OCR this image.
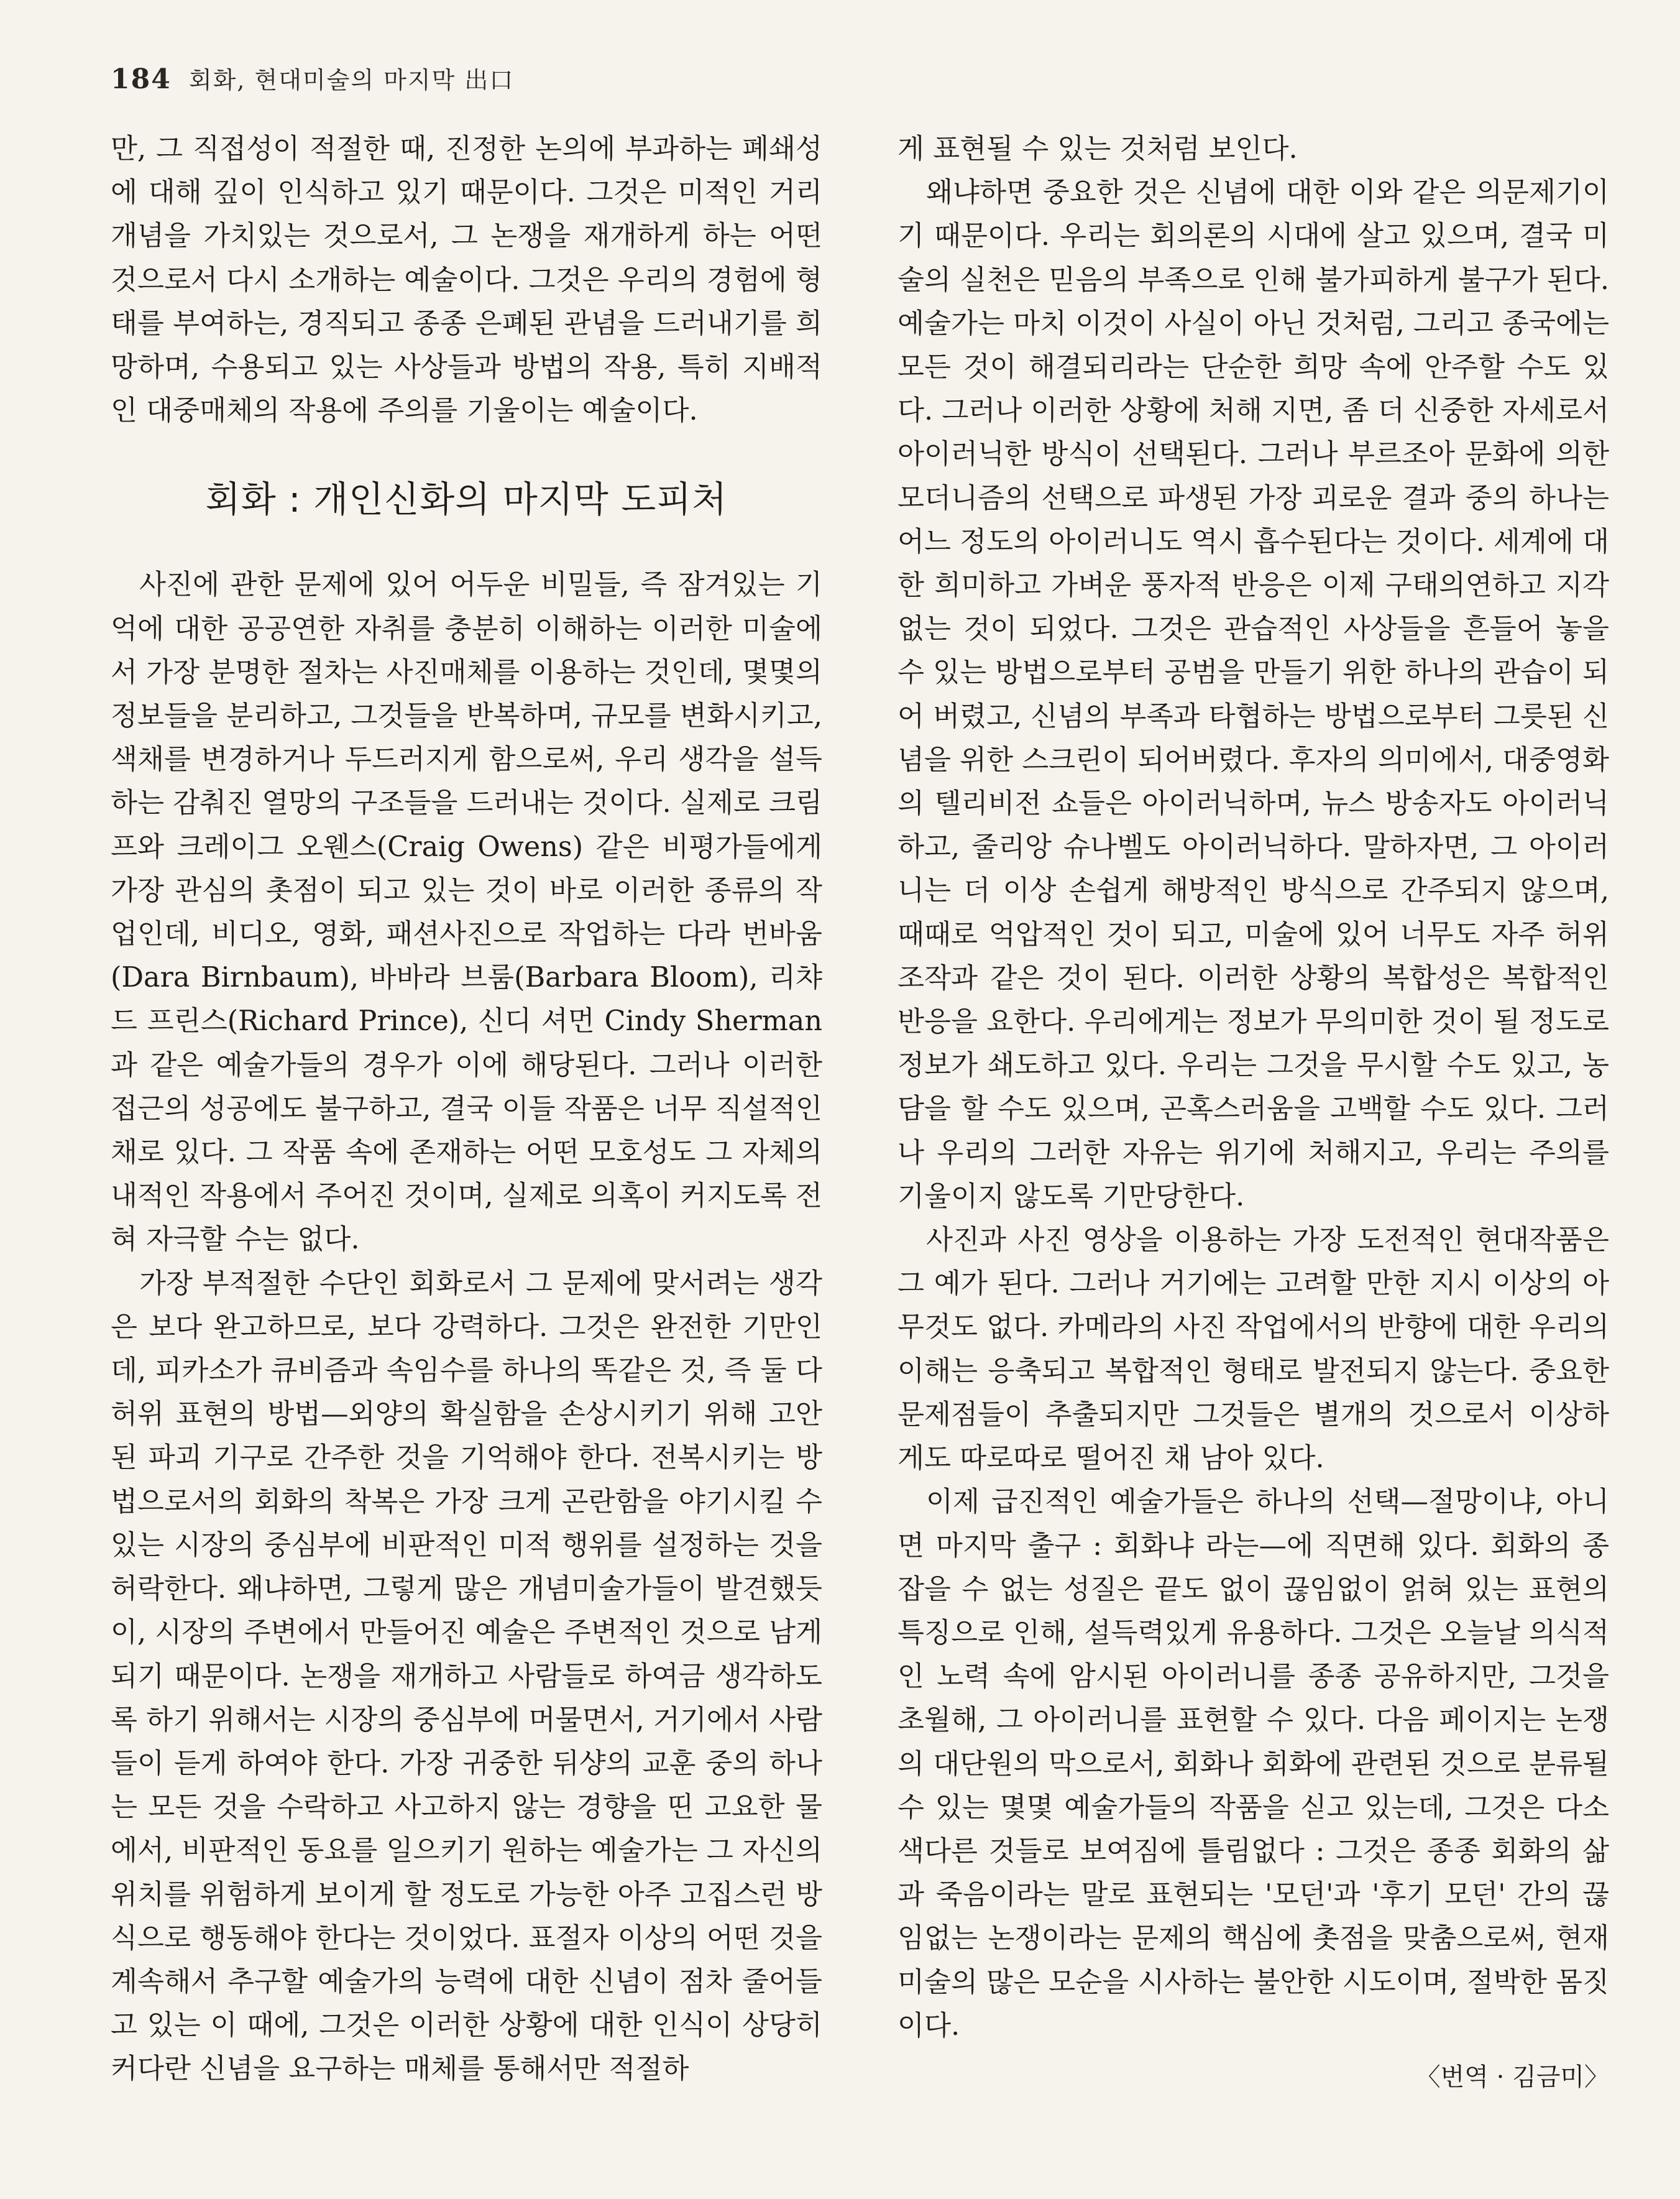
184 회화, 현대미술의 마지막 出口

만, 그 직접성이 적절한 때, 진정한 논의에 부과하는 폐쇄성에 대해 깊이 인식하고 있기 때문이다. 그것은 미적인 거리 개념을 가치있는 것으로서, 그 논쟁을 재개하게 하는 어떤 것으로서 다시 소개하는 예술이다. 그것은 우리의 경험에 형태를 부여하는, 경직되고 종종 은폐된 관념을 드러내기를 희망하며, 수용되고 있는 사상들과 방법의 작용, 특히 지배적인 대중매체의 작용에 주의를 기울이는 예술이다.

회화 : 개인신화의 마지막 도피처

사진에 관한 문제에 있어 어두운 비밀들, 즉 잠겨있는 기억에 대한 공공연한 자취를 충분히 이해하는 이러한 미술에서 가장 분명한 절차는 사진매체를 이용하는 것인데, 몇몇의 정보들을 분리하고, 그것들을 반복하며, 규모를 변화시키고, 색채를 변경하거나 두드러지게 함으로써, 우리 생각을 설득하는 감춰진 열망의 구조들을 드러내는 것이다. 실제로 크림프와 크레이그 오웬스(Craig Owens) 같은 비평가들에게 가장 관심의 촛점이 되고 있는 것이 바로 이러한 종류의 작업인데, 비디오, 영화, 패션사진으로 작업하는 다라 번바움(Dara Birnbaum), 바바라 브룸(Barbara Bloom), 리챠드 프린스(Richard Prince), 신디 셔먼 Cindy Sherman과 같은 예술가들의 경우가 이에 해당된다. 그러나 이러한 접근의 성공에도 불구하고, 결국 이들 작품은 너무 직설적인 채로 있다. 그 작품 속에 존재하는 어떤 모호성도 그 자체의 내적인 작용에서 주어진 것이며, 실제로 의혹이 커지도록 전혀 자극할 수는 없다.

가장 부적절한 수단인 회화로서 그 문제에 맞서려는 생각은 보다 완고하므로, 보다 강력하다. 그것은 완전한 기만인데, 피카소가 큐비즘과 속임수를 하나의 똑같은 것, 즉 둘 다 허위 표현의 방법—외양의 확실함을 손상시키기 위해 고안된 파괴 기구로 간주한 것을 기억해야 한다. 전복시키는 방법으로서의 회화의 착복은 가장 크게 곤란함을 야기시킬 수 있는 시장의 중심부에 비판적인 미적 행위를 설정하는 것을 허락한다. 왜냐하면, 그렇게 많은 개념미술가들이 발견했듯이, 시장의 주변에서 만들어진 예술은 주변적인 것으로 남게 되기 때문이다. 논쟁을 재개하고 사람들로 하여금 생각하도록 하기 위해서는 시장의 중심부에 머물면서, 거기에서 사람들이 듣게 하여야 한다. 가장 귀중한 뒤샹의 교훈 중의 하나는 모든 것을 수락하고 사고하지 않는 경향을 띤 고요한 물에서, 비판적인 동요를 일으키기 원하는 예술가는 그 자신의 위치를 위험하게 보이게 할 정도로 가능한 아주 고집스런 방식으로 행동해야 한다는 것이었다. 표절자 이상의 어떤 것을 계속해서 추구할 예술가의 능력에 대한 신념이 점차 줄어들고 있는 이 때에, 그것은 이러한 상황에 대한 인식이 상당히 커다란 신념을 요구하는 매체를 통해서만 적절하

게 표현될 수 있는 것처럼 보인다.

왜냐하면 중요한 것은 신념에 대한 이와 같은 의문제기이기 때문이다. 우리는 회의론의 시대에 살고 있으며, 결국 미술의 실천은 믿음의 부족으로 인해 불가피하게 불구가 된다. 예술가는 마치 이것이 사실이 아닌 것처럼, 그리고 종국에는 모든 것이 해결되리라는 단순한 희망 속에 안주할 수도 있다. 그러나 이러한 상황에 처해 지면, 좀 더 신중한 자세로서 아이러닉한 방식이 선택된다. 그러나 부르조아 문화에 의한 모더니즘의 선택으로 파생된 가장 괴로운 결과 중의 하나는 어느 정도의 아이러니도 역시 흡수된다는 것이다. 세계에 대한 희미하고 가벼운 풍자적 반응은 이제 구태의연하고 지각없는 것이 되었다. 그것은 관습적인 사상들을 흔들어 놓을 수 있는 방법으로부터 공범을 만들기 위한 하나의 관습이 되어 버렸고, 신념의 부족과 타협하는 방법으로부터 그릇된 신념을 위한 스크린이 되어버렸다. 후자의 의미에서, 대중영화의 텔리비전 쇼들은 아이러닉하며, 뉴스 방송자도 아이러닉하고, 줄리앙 슈나벨도 아이러닉하다. 말하자면, 그 아이러니는 더 이상 손쉽게 해방적인 방식으로 간주되지 않으며, 때때로 억압적인 것이 되고, 미술에 있어 너무도 자주 허위조작과 같은 것이 된다. 이러한 상황의 복합성은 복합적인 반응을 요한다. 우리에게는 정보가 무의미한 것이 될 정도로 정보가 쇄도하고 있다. 우리는 그것을 무시할 수도 있고, 농담을 할 수도 있으며, 곤혹스러움을 고백할 수도 있다. 그러나 우리의 그러한 자유는 위기에 처해지고, 우리는 주의를 기울이지 않도록 기만당한다.

사진과 사진 영상을 이용하는 가장 도전적인 현대작품은 그 예가 된다. 그러나 거기에는 고려할 만한 지시 이상의 아무것도 없다. 카메라의 사진 작업에서의 반향에 대한 우리의 이해는 응축되고 복합적인 형태로 발전되지 않는다. 중요한 문제점들이 추출되지만 그것들은 별개의 것으로서 이상하게도 따로따로 떨어진 채 남아 있다.

이제 급진적인 예술가들은 하나의 선택—절망이냐, 아니면 마지막 출구 : 회화냐 라는—에 직면해 있다. 회화의 종잡을 수 없는 성질은 끝도 없이 끊임없이 얽혀 있는 표현의 특징으로 인해, 설득력있게 유용하다. 그것은 오늘날 의식적인 노력 속에 암시된 아이러니를 종종 공유하지만, 그것을 초월해, 그 아이러니를 표현할 수 있다. 다음 페이지는 논쟁의 대단원의 막으로서, 회화나 회화에 관련된 것으로 분류될 수 있는 몇몇 예술가들의 작품을 싣고 있는데, 그것은 다소 색다른 것들로 보여짐에 틀림없다 : 그것은 종종 회화의 삶과 죽음이라는 말로 표현되는 '모던'과 '후기 모던' 간의 끊임없는 논쟁이라는 문제의 핵심에 촛점을 맞춤으로써, 현재 미술의 많은 모순을 시사하는 불안한 시도이며, 절박한 몸짓이다.

〈번역 · 김금미〉
